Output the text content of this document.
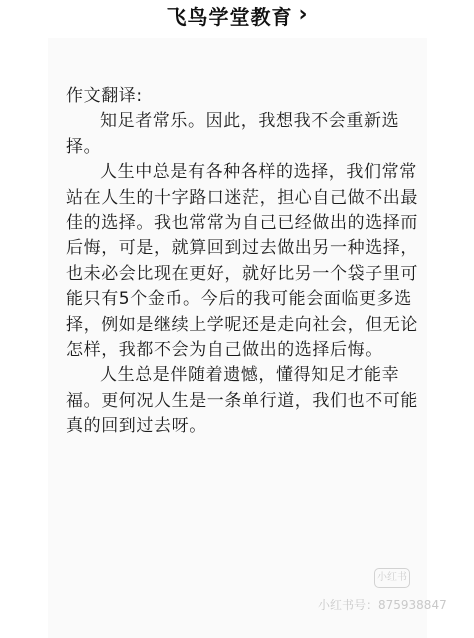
飞鸟学堂教育 ›

作文翻译:

知足者常乐。因此，我想我不会重新选择。

人生中总是有各种各样的选择，我们常常站在人生的十字路口迷茫，担心自己做不出最佳的选择。我也常常为自己已经做出的选择而后悔，可是，就算回到过去做出另一种选择，也未必会比现在更好，就好比另一个袋子里可能只有5个金币。今后的我可能会面临更多选择，例如是继续上学呢还是走向社会，但无论怎样，我都不会为自己做出的选择后悔。

人生总是伴随着遗憾，懂得知足才能幸福。更何况人生是一条单行道，我们也不可能真的回到过去呀。

小红书
小红书号：875938847
